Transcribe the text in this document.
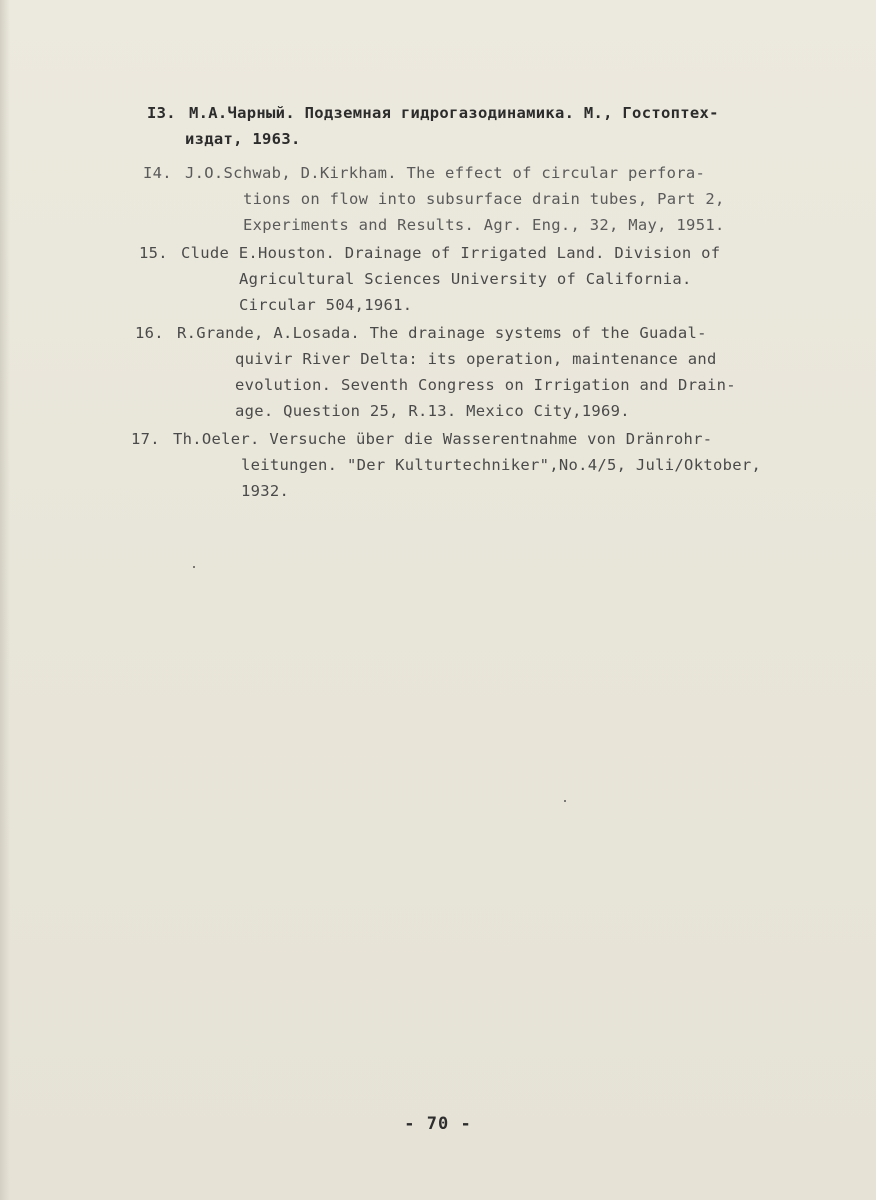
I3. М.А.Чарный. Подземная гидрогазодинамика. М., Гостоптех-
издат, 1963.
I4. J.O.Schwab, D.Kirkham. The effect of circular perfora-
tions on flow into subsurface drain tubes, Part 2,
Experiments and Results. Agr. Eng., 32, May, 1951.
15. Clude E.Houston. Drainage of Irrigated Land. Division of
Agricultural Sciences University of California.
Circular 504,1961.
16. R.Grande, A.Losada. The drainage systems of the Guadal-
quivir River Delta: its operation, maintenance and
evolution. Seventh Congress on Irrigation and Drain-
age. Question 25, R.13. Mexico City,1969.
17. Th.Oeler. Versuche über die Wasserentnahme von Dränrohr-
leitungen. "Der Kulturtechniker",No.4/5, Juli/Oktober,
1932.
- 70 -
